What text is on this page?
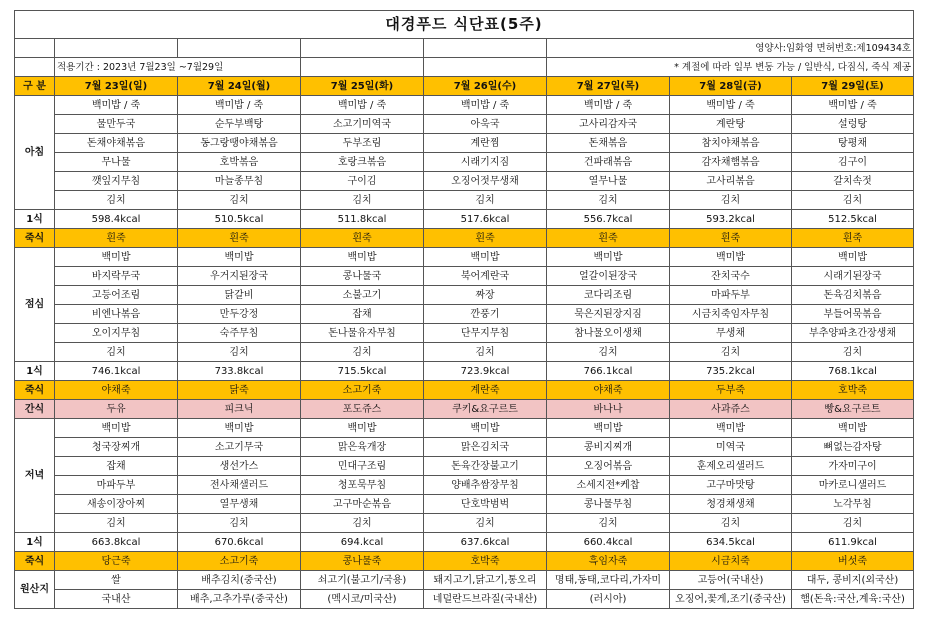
대경푸드 식단표(5주)							
					영양사:임화영 면허번호:제109434호		
	적용기간 : 2023년 7월23일 ~7월29일				* 계절에 따라 일부 변동 가능 / 일반식, 다짐식, 죽식 제공		
구 분	7월 23일(일)	7월 24일(월)	7월 25일(화)	7월 26일(수)	7월 27일(목)	7월 28일(금)	7월 29일(토)
아침	백미밥 / 죽	백미밥 / 죽	백미밥 / 죽	백미밥 / 죽	백미밥 / 죽	백미밥 / 죽	백미밥 / 죽
	물만두국	순두부백탕	소고기미역국	아욱국	고사리감자국	계란탕	설렁탕
	돈채야채볶음	동그랑땡야채볶음	두부조림	계란찜	돈채볶음	참치야채볶음	탕평채
	무나물	호박볶음	호랑크볶음	시래기지짐	건파래볶음	감자채햄볶음	김구이
	깻잎지무침	마늘종무침	구이김	오징어젓무생채	열무나물	고사리볶음	갈치속젓
	김치	김치	김치	김치	김치	김치	김치
1식	598.4kcal	510.5kcal	511.8kcal	517.6kcal	556.7kcal	593.2kcal	512.5kcal
죽식	흰죽	흰죽	흰죽	흰죽	흰죽	흰죽	흰죽
점심	백미밥	백미밥	백미밥	백미밥	백미밥	백미밥	백미밥
	바지락무국	우거지된장국	콩나물국	북어계란국	얼갈이된장국	잔치국수	시래기된장국
	고등어조림	닭갈비	소불고기	짜장	코다리조림	마파두부	돈육김치볶음
	비엔나볶음	만두강정	잡채	깐풍기	묵은지된장지짐	시금치죽임자무침	부들어묵볶음
	오이지무침	숙주무침	돈나물유자무침	단무지무침	참나물오이생채	무생채	부추양파초간장생채
	김치	김치	김치	김치	김치	김치	김치
1식	746.1kcal	733.8kcal	715.5kcal	723.9kcal	766.1kcal	735.2kcal	768.1kcal
죽식	야채죽	닭죽	소고기죽	계란죽	야채죽	두부죽	호박죽
간식	두유	피크닉	포도쥬스	쿠키&요구르트	바나나	사과쥬스	빵&요구르트
저녁	백미밥	백미밥	백미밥	백미밥	백미밥	백미밥	백미밥
	청국장찌개	소고기무국	맑은육개장	맑은김치국	콩비지찌개	미역국	뼈없는감자탕
	잡채	생선가스	민대구조림	돈육간장불고기	오징어볶음	훈제오리샐러드	가자미구이
	마파두부	전사채샐러드	청포묵무침	양배추쌈장무침	소세지전*케찹	고구마맛탕	마카로니샐러드
	새송이장아찌	열무생채	고구마순볶음	단호박범벅	콩나물무침	청경채생채	노각무침
	김치	김치	김치	김치	김치	김치	김치
1식	663.8kcal	670.6kcal	694.kcal	637.6kcal	660.4kcal	634.5kcal	611.9kcal
죽식	당근죽	소고기죽	콩나물죽	호박죽	흑임자죽	시금치죽	버섯죽
원산지	쌀	배추김치(중국산)	쇠고기(불고기/국용)	돼지고기,닭고기,통오리	명태,동태,코다리,가자미	고등어(국내산)	대두, 콩비지(외국산)
	국내산	배추,고추가루(중국산)	(멕시코/미국산)	네덜란드브라질(국내산)	(러시아)	오징어,꽃게,조기(중국산)	햄(돈육:국산,계육:국산)
